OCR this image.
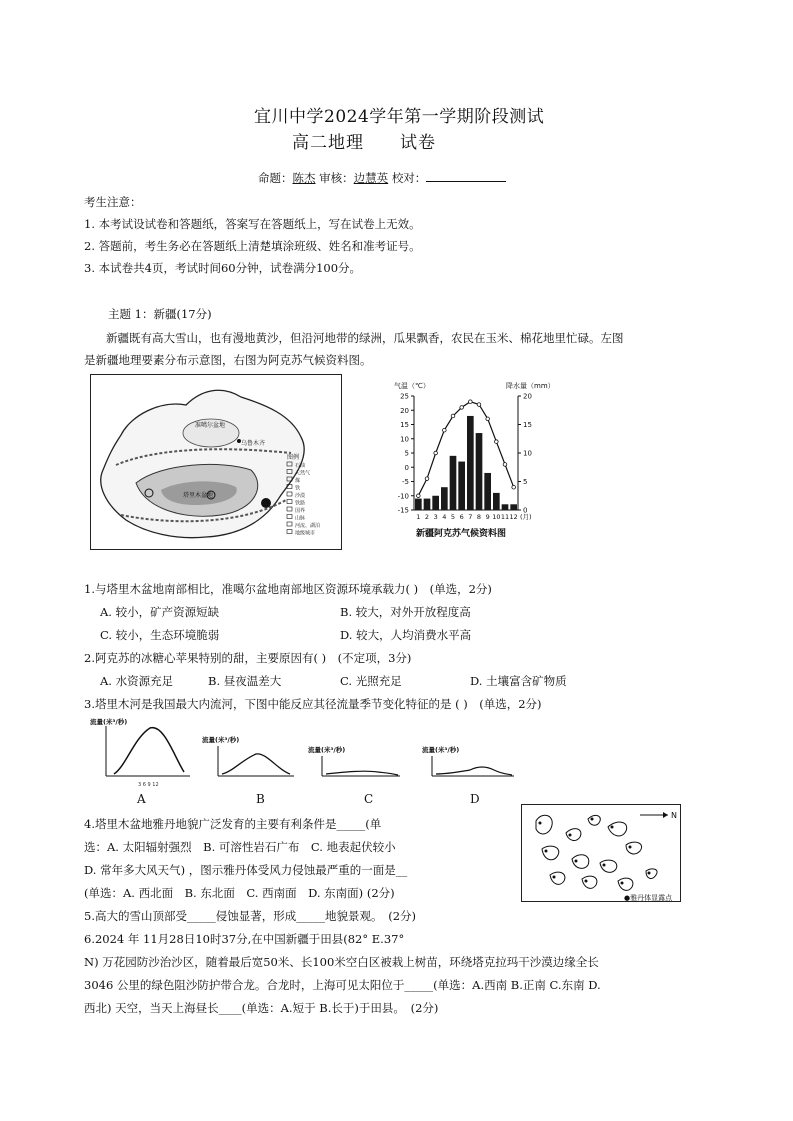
宜川中学2024学年第一学期阶段测试
高二地理　　试卷
命题：陈杰 审核：边慧英 校对：
考生注意：
1. 本考试设试卷和答题纸，答案写在答题纸上，写在试卷上无效。
2. 答题前，考生务必在答题纸上清楚填涂班级、姓名和准考证号。
3. 本试卷共4页，考试时间60分钟，试卷满分100分。
主题 1：新疆(17分)
新疆既有高大雪山，也有漫地黄沙，但沿河地带的绿洲，瓜果飘香，农民在玉米、棉花地里忙碌。左图
是新疆地理要素分布示意图，右图为阿克苏气候资料图。
准噶尔盆地
乌鲁木齐
塔里木盆地
图例
石油
天然气
煤
铁
沙漠
铁路
国界
山脉
河流、湖泊
地级城市
气温（℃）	降水量（mm）
新疆阿克苏气候资料图
25
20
15
10
5
0
-5
-10
-15
20
15
10
5
0
1 2 3 4 5 6 7 8 9 10 11 12 (月)
1.与塔里木盆地南部相比，准噶尔盆地南部地区资源环境承载力( )　(单选，2分)
A. 较小，矿产资源短缺	B. 较大，对外开放程度高
C. 较小，生态环境脆弱	D. 较大，人均消费水平高
2.阿克苏的冰糖心苹果特别的甜，主要原因有( )　(不定项，3分)
A. 水资源充足	B. 昼夜温差大	C. 光照充足	D. 土壤富含矿物质
3.塔里木河是我国最大内流河，下图中能反应其径流量季节变化特征的是 ( )　(单选，2分)
流量(米³/秒)
3 6 9 12
流量(米³/秒)
流量(米³/秒)	流量(米³/秒)
A	B	C	D
4.塔里木盆地雅丹地貌广泛发育的主要有利条件是_____(单
选：A. 太阳辐射强烈　B. 可溶性岩石广布　C. 地表起伏较小
D. 常年多大风天气) ，图示雅丹体受风力侵蚀最严重的一面是__
(单选：A. 西北面　B. 东北面　C. 西南面　D. 东南面) (2分)
N
●雅丹体显露点
5.高大的雪山顶部受_____侵蚀显著，形成_____地貌景观。　(2分)
6.2024 年 11月28日10时37分,在中国新疆于田县(82° E.37°
N) 万花园防沙治沙区，随着最后宽50米、长100米空白区被栽上树苗，环绕塔克拉玛干沙漠边缘全长
3046 公里的绿色阻沙防护带合龙。合龙时，上海可见太阳位于_____(单选：A.西南 B.正南 C.东南 D.
西北) 天空，当天上海昼长____(单选：A.短于 B.长于)于田县。　(2分)
